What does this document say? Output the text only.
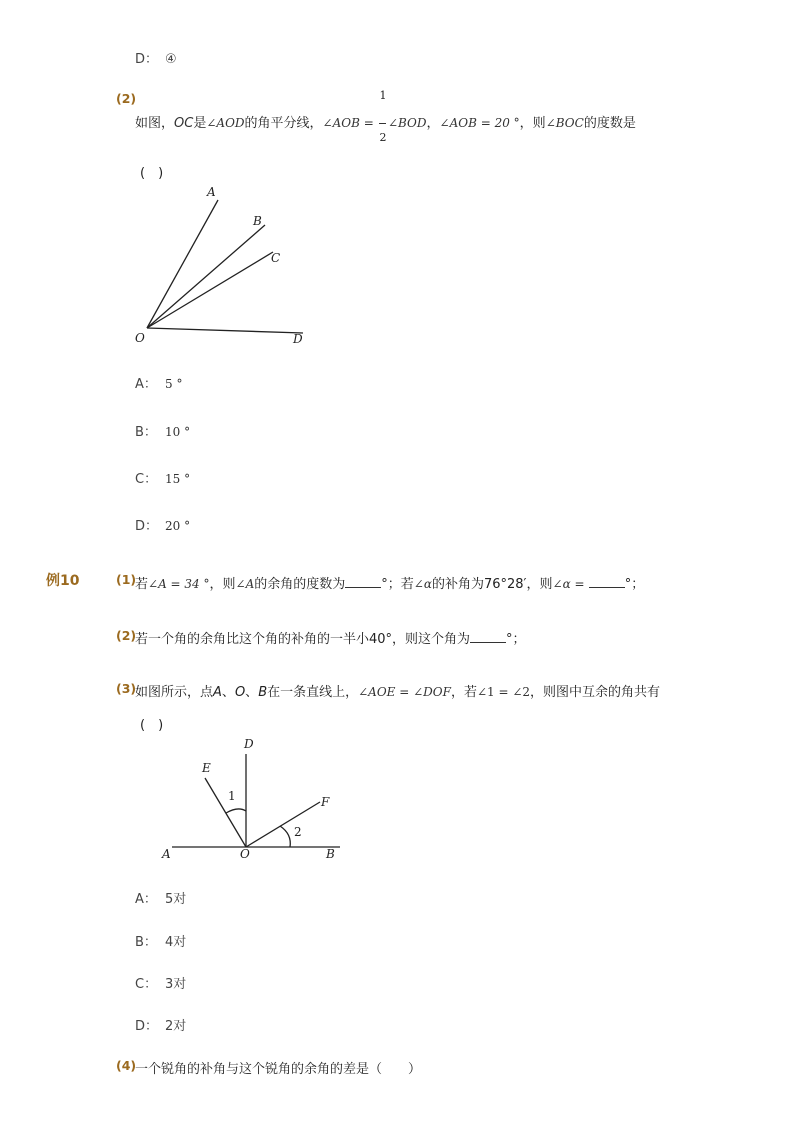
D： ④
(2)
如图，OC是∠AOD的角平分线，∠AOB = $\frac{1}{2}$ ∠BOD，∠AOB = 20 °，则∠BOC的度数是
(　)
A
B
C
O	D
A： 5 °
B： 10 °
C： 15 °
D： 20 °
例10	(1)
若∠A = 34 °，则∠A的余角的度数为	°；若∠α的补角为76°28′，则∠α =	°；
(2)
若一个角的余角比这个角的补角的一半小40°，则这个角为	°；
(3)
如图所示，点A、O、B在一条直线上，∠AOE = ∠DOF，若∠1 = ∠2，则图中互余的角共有
(　)
A	O	B
D
E
F
1
2
A： 5对
B： 4对
C： 3对
D： 2对
(4)
一个锐角的补角与这个锐角的余角的差是（　　）
